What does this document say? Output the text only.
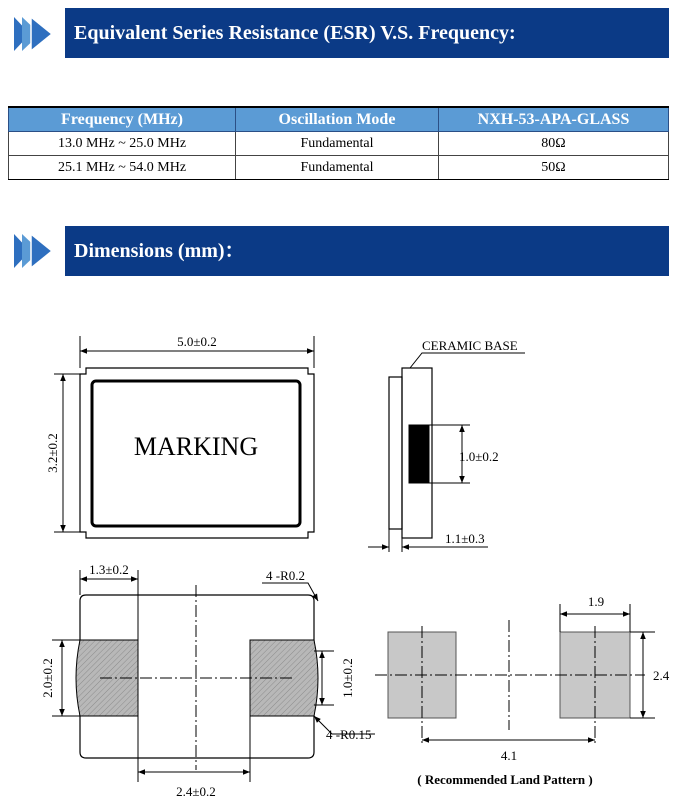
Equivalent Series Resistance (ESR) V.S. Frequency:
Frequency (MHz)	Oscillation Mode	NXH-53-APA-GLASS
13.0 MHz ~ 25.0 MHz	Fundamental	80Ω
25.1 MHz ~ 54.0 MHz	Fundamental	50Ω
Dimensions (mm)：
5.0±0.2
3.2±0.2	MARKING
CERAMIC BASE
1.0±0.2
1.1±0.3
1.3±0.2	4 -R0.2
2.0±0.2	1.0±0.2
4 -R0.15
2.4±0.2
1.9
2.4
4.1
( Recommended Land Pattern )
